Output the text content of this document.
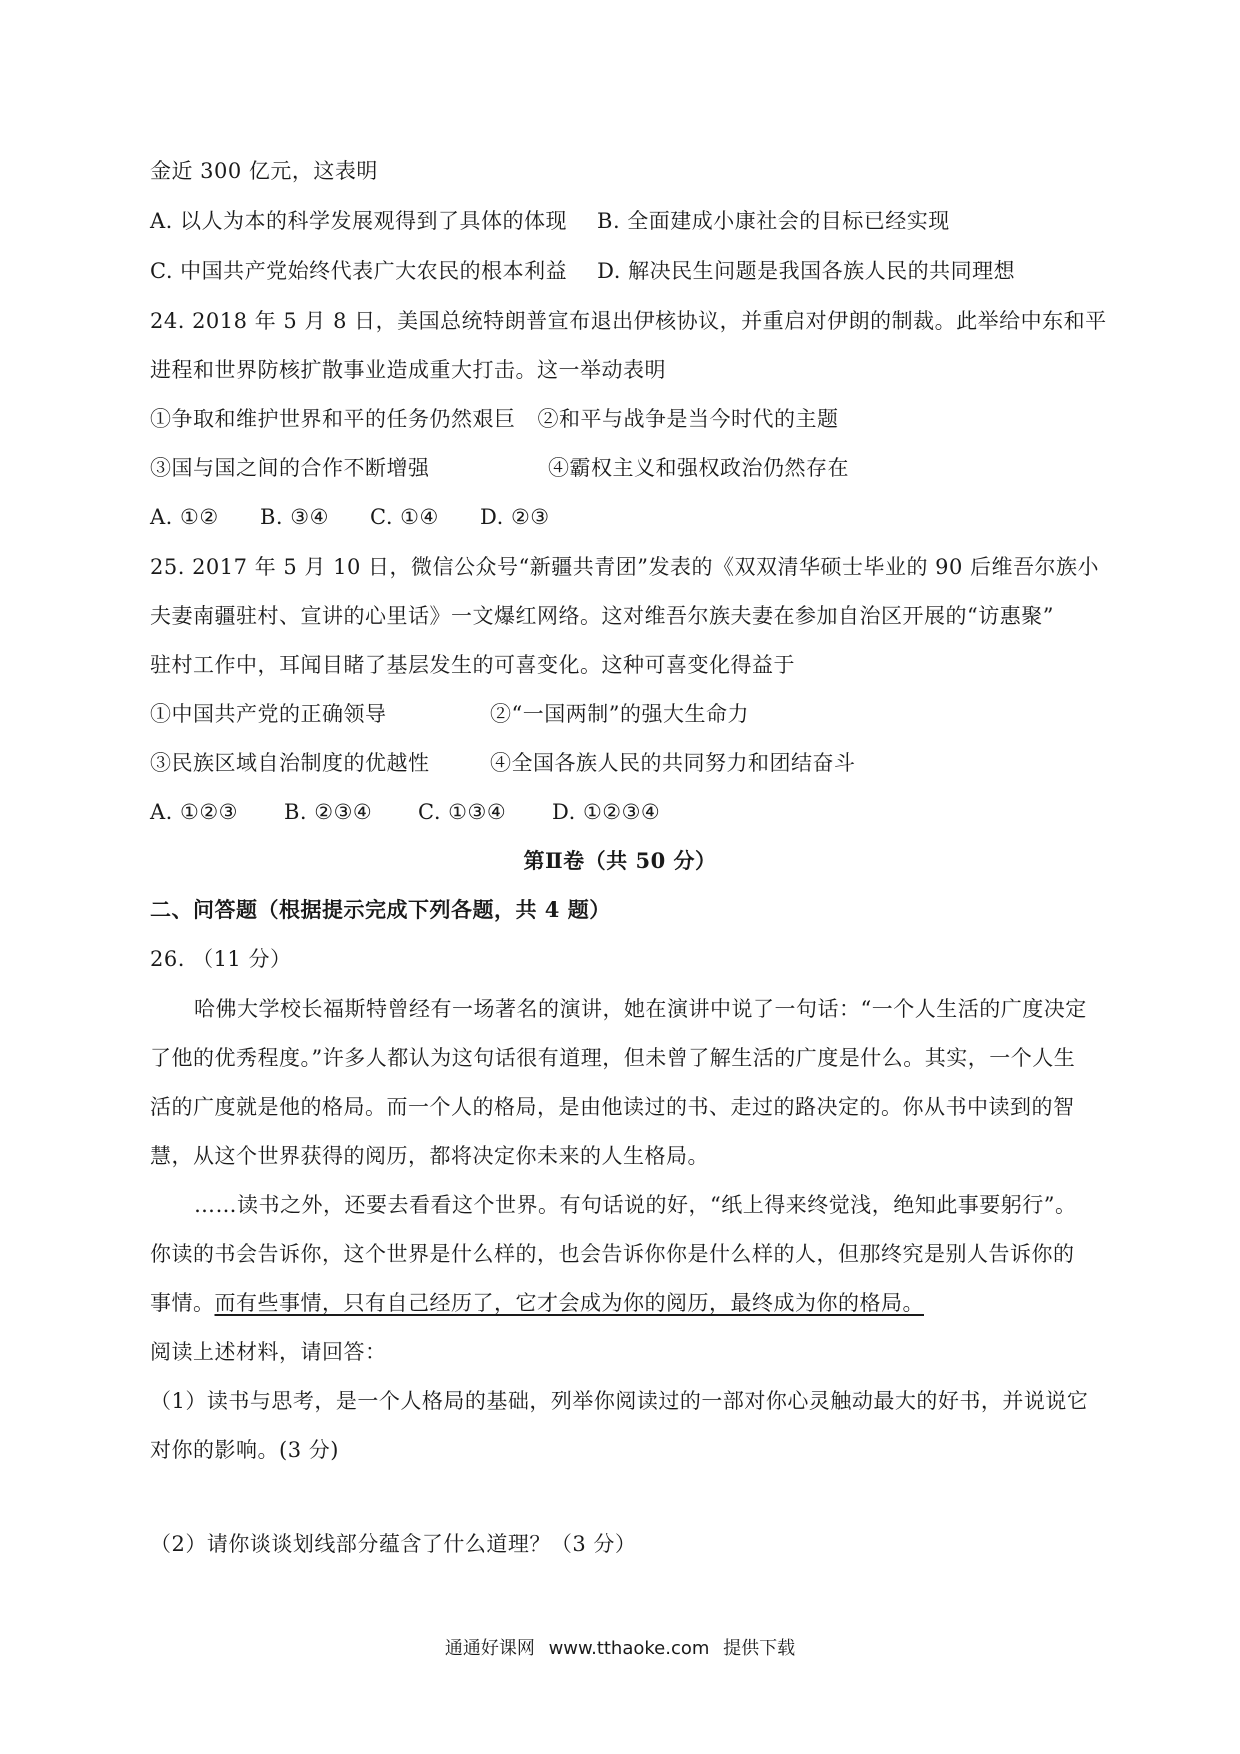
金近 300 亿元，这表明
A. 以人为本的科学发展观得到了具体的体现 B. 全面建成小康社会的目标已经实现
C. 中国共产党始终代表广大农民的根本利益 D. 解决民生问题是我国各族人民的共同理想
24. 2018 年 5 月 8 日，美国总统特朗普宣布退出伊核协议，并重启对伊朗的制裁。此举给中东和平
进程和世界防核扩散事业造成重大打击。这一举动表明
①争取和维护世界和平的任务仍然艰巨 ②和平与战争是当今时代的主题
③国与国之间的合作不断增强	④霸权主义和强权政治仍然存在
A. ①② B. ③④ C. ①④ D. ②③
25. 2017 年 5 月 10 日，微信公众号“新疆共青团”发表的《双双清华硕士毕业的 90 后维吾尔族小
夫妻南疆驻村、宣讲的心里话》一文爆红网络。这对维吾尔族夫妻在参加自治区开展的“访惠聚”
驻村工作中，耳闻目睹了基层发生的可喜变化。这种可喜变化得益于
①中国共产党的正确领导	②“一国两制”的强大生命力
③民族区域自治制度的优越性	④全国各族人民的共同努力和团结奋斗
A. ①②③ B. ②③④ C. ①③④ D. ①②③④
第Ⅱ卷（共 50 分）
二、问答题（根据提示完成下列各题，共 4 题）
26. （11 分）
哈佛大学校长福斯特曾经有一场著名的演讲，她在演讲中说了一句话：“一个人生活的广度决定
了他的优秀程度。”许多人都认为这句话很有道理，但未曾了解生活的广度是什么。其实，一个人生
活的广度就是他的格局。而一个人的格局，是由他读过的书、走过的路决定的。你从书中读到的智
慧，从这个世界获得的阅历，都将决定你未来的人生格局。
……读书之外，还要去看看这个世界。有句话说的好，“纸上得来终觉浅，绝知此事要躬行”。
你读的书会告诉你，这个世界是什么样的，也会告诉你你是什么样的人，但那终究是别人告诉你的
事情。而有些事情，只有自己经历了，它才会成为你的阅历，最终成为你的格局。
阅读上述材料，请回答：
（1）读书与思考，是一个人格局的基础，列举你阅读过的一部对你心灵触动最大的好书，并说说它
对你的影响。(3 分)
（2）请你谈谈划线部分蕴含了什么道理？（3 分）
通通好课网 www.tthaoke.com 提供下载
